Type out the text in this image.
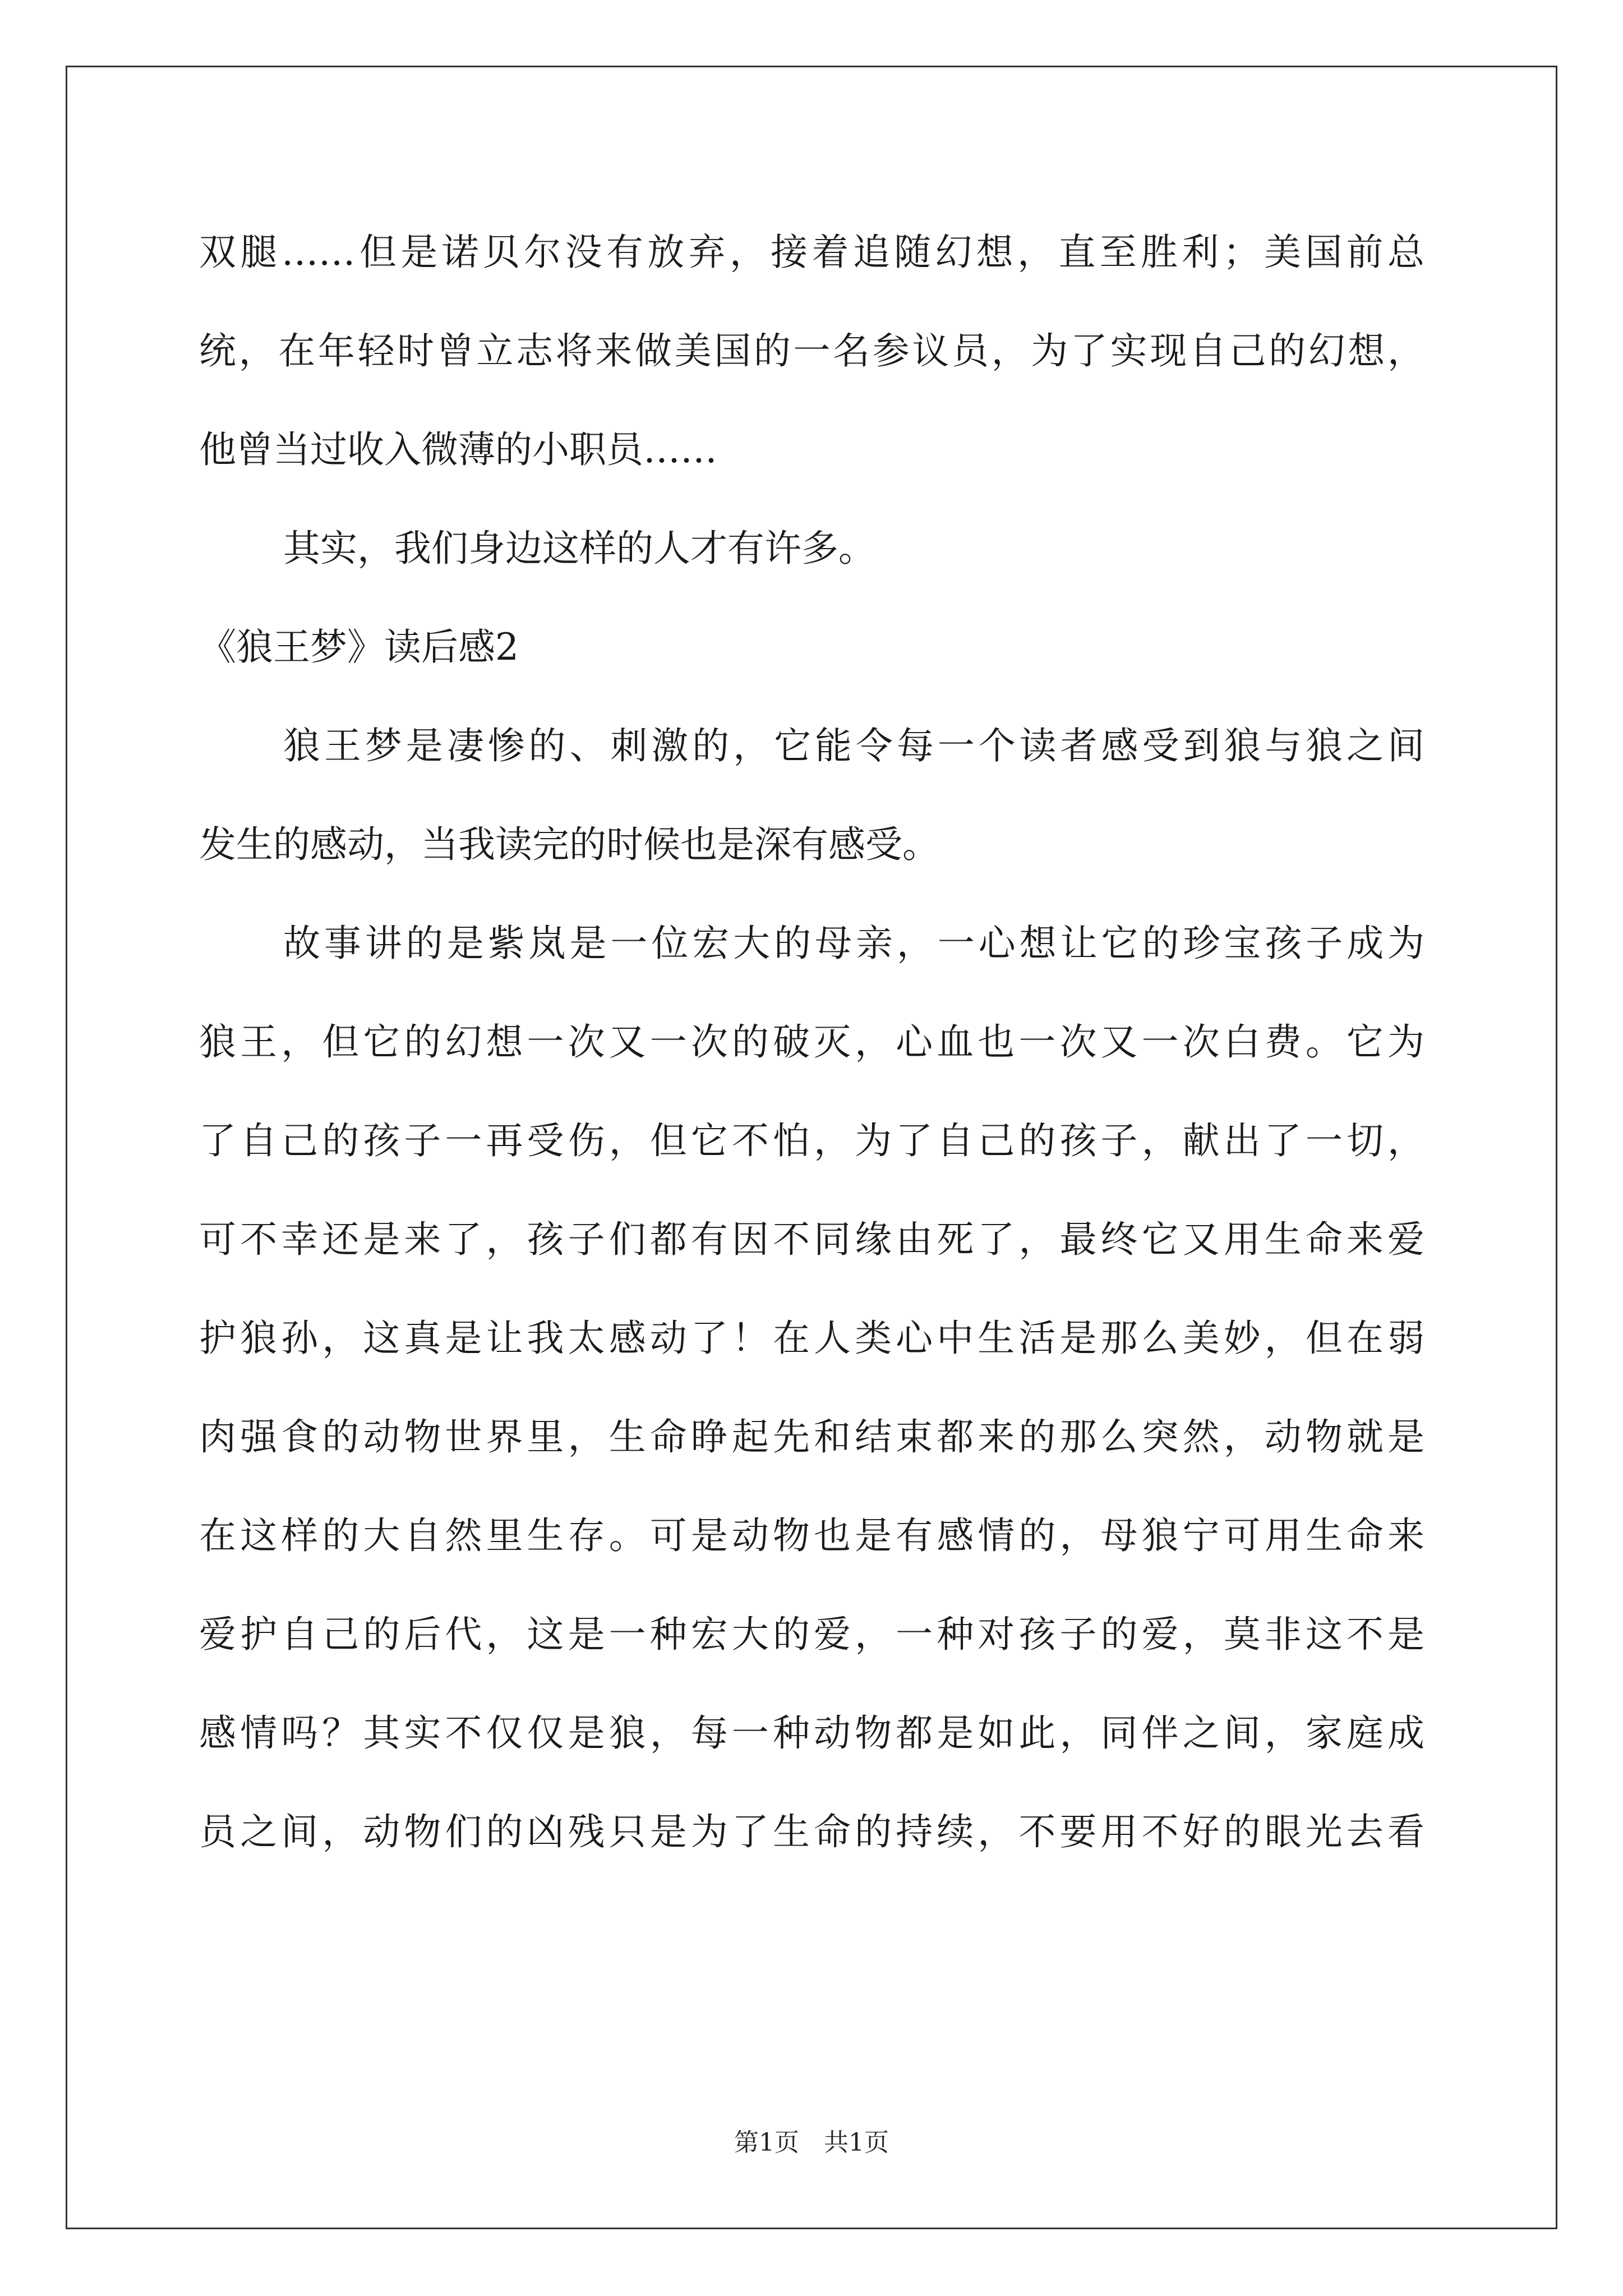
双腿……但是诺贝尔没有放弃，接着追随幻想，直至胜利；美国前总
统，在年轻时曾立志将来做美国的一名参议员，为了实现自己的幻想，
他曾当过收入微薄的小职员……
其实，我们身边这样的人才有许多。
《狼王梦》读后感2
狼王梦是凄惨的、刺激的，它能令每一个读者感受到狼与狼之间
发生的感动，当我读完的时候也是深有感受。
故事讲的是紫岚是一位宏大的母亲，一心想让它的珍宝孩子成为
狼王，但它的幻想一次又一次的破灭，心血也一次又一次白费。它为
了自己的孩子一再受伤，但它不怕，为了自己的孩子，献出了一切，
可不幸还是来了，孩子们都有因不同缘由死了，最终它又用生命来爱
护狼孙，这真是让我太感动了！在人类心中生活是那么美妙，但在弱
肉强食的动物世界里，生命睁起先和结束都来的那么突然，动物就是
在这样的大自然里生存。可是动物也是有感情的，母狼宁可用生命来
爱护自己的后代，这是一种宏大的爱，一种对孩子的爱，莫非这不是
感情吗？其实不仅仅是狼，每一种动物都是如此，同伴之间，家庭成
员之间，动物们的凶残只是为了生命的持续，不要用不好的眼光去看
第1页　共1页
